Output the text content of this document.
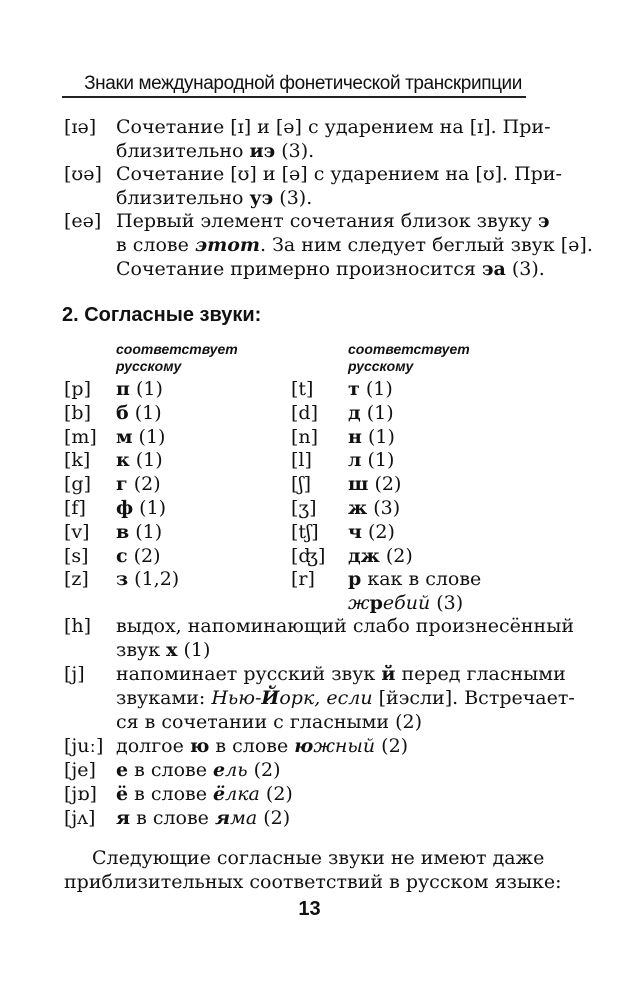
Знаки международной фонетической транскрипции
[ɪə] Сочетание [ɪ] и [ə] с ударением на [ɪ]. При-
близительно иэ (3).
[ʊə] Сочетание [ʊ] и [ə] с ударением на [ʊ]. При-
близительно уэ (3).
[eə] Первый элемент сочетания близок звуку э
в слове этот. За ним следует беглый звук [ə].
Сочетание примерно произносится эа (3).
2. Согласные звуки:
соответствует
русскому
соответствует
русскому
[p] п (1)
[b] б (1)
[m] м (1)
[k] к (1)
[g] г (2)
[f] ф (1)
[v] в (1)
[s] с (2)
[z] з (1,2)
[t] т (1)
[d] д (1)
[n] н (1)
[l] л (1)
[ʃ] ш (2)
[ʒ] ж (3)
[tʃ] ч (2)
[ʤ] дж (2)
[r] р как в слове
жребий (3)
[h] выдох, напоминающий слабо произнесённый
звук х (1)
[j] напоминает русский звук й перед гласными
звуками: Нью-Йорк, если [йэсли]. Встречает-
ся в сочетании с гласными (2)
[juː] долгое ю в слове южный (2)
[je] е в слове ель (2)
[jɒ] ё в слове ёлка (2)
[jʌ] я в слове яма (2)
Следующие согласные звуки не имеют даже
приблизительных соответствий в русском языке:
13
